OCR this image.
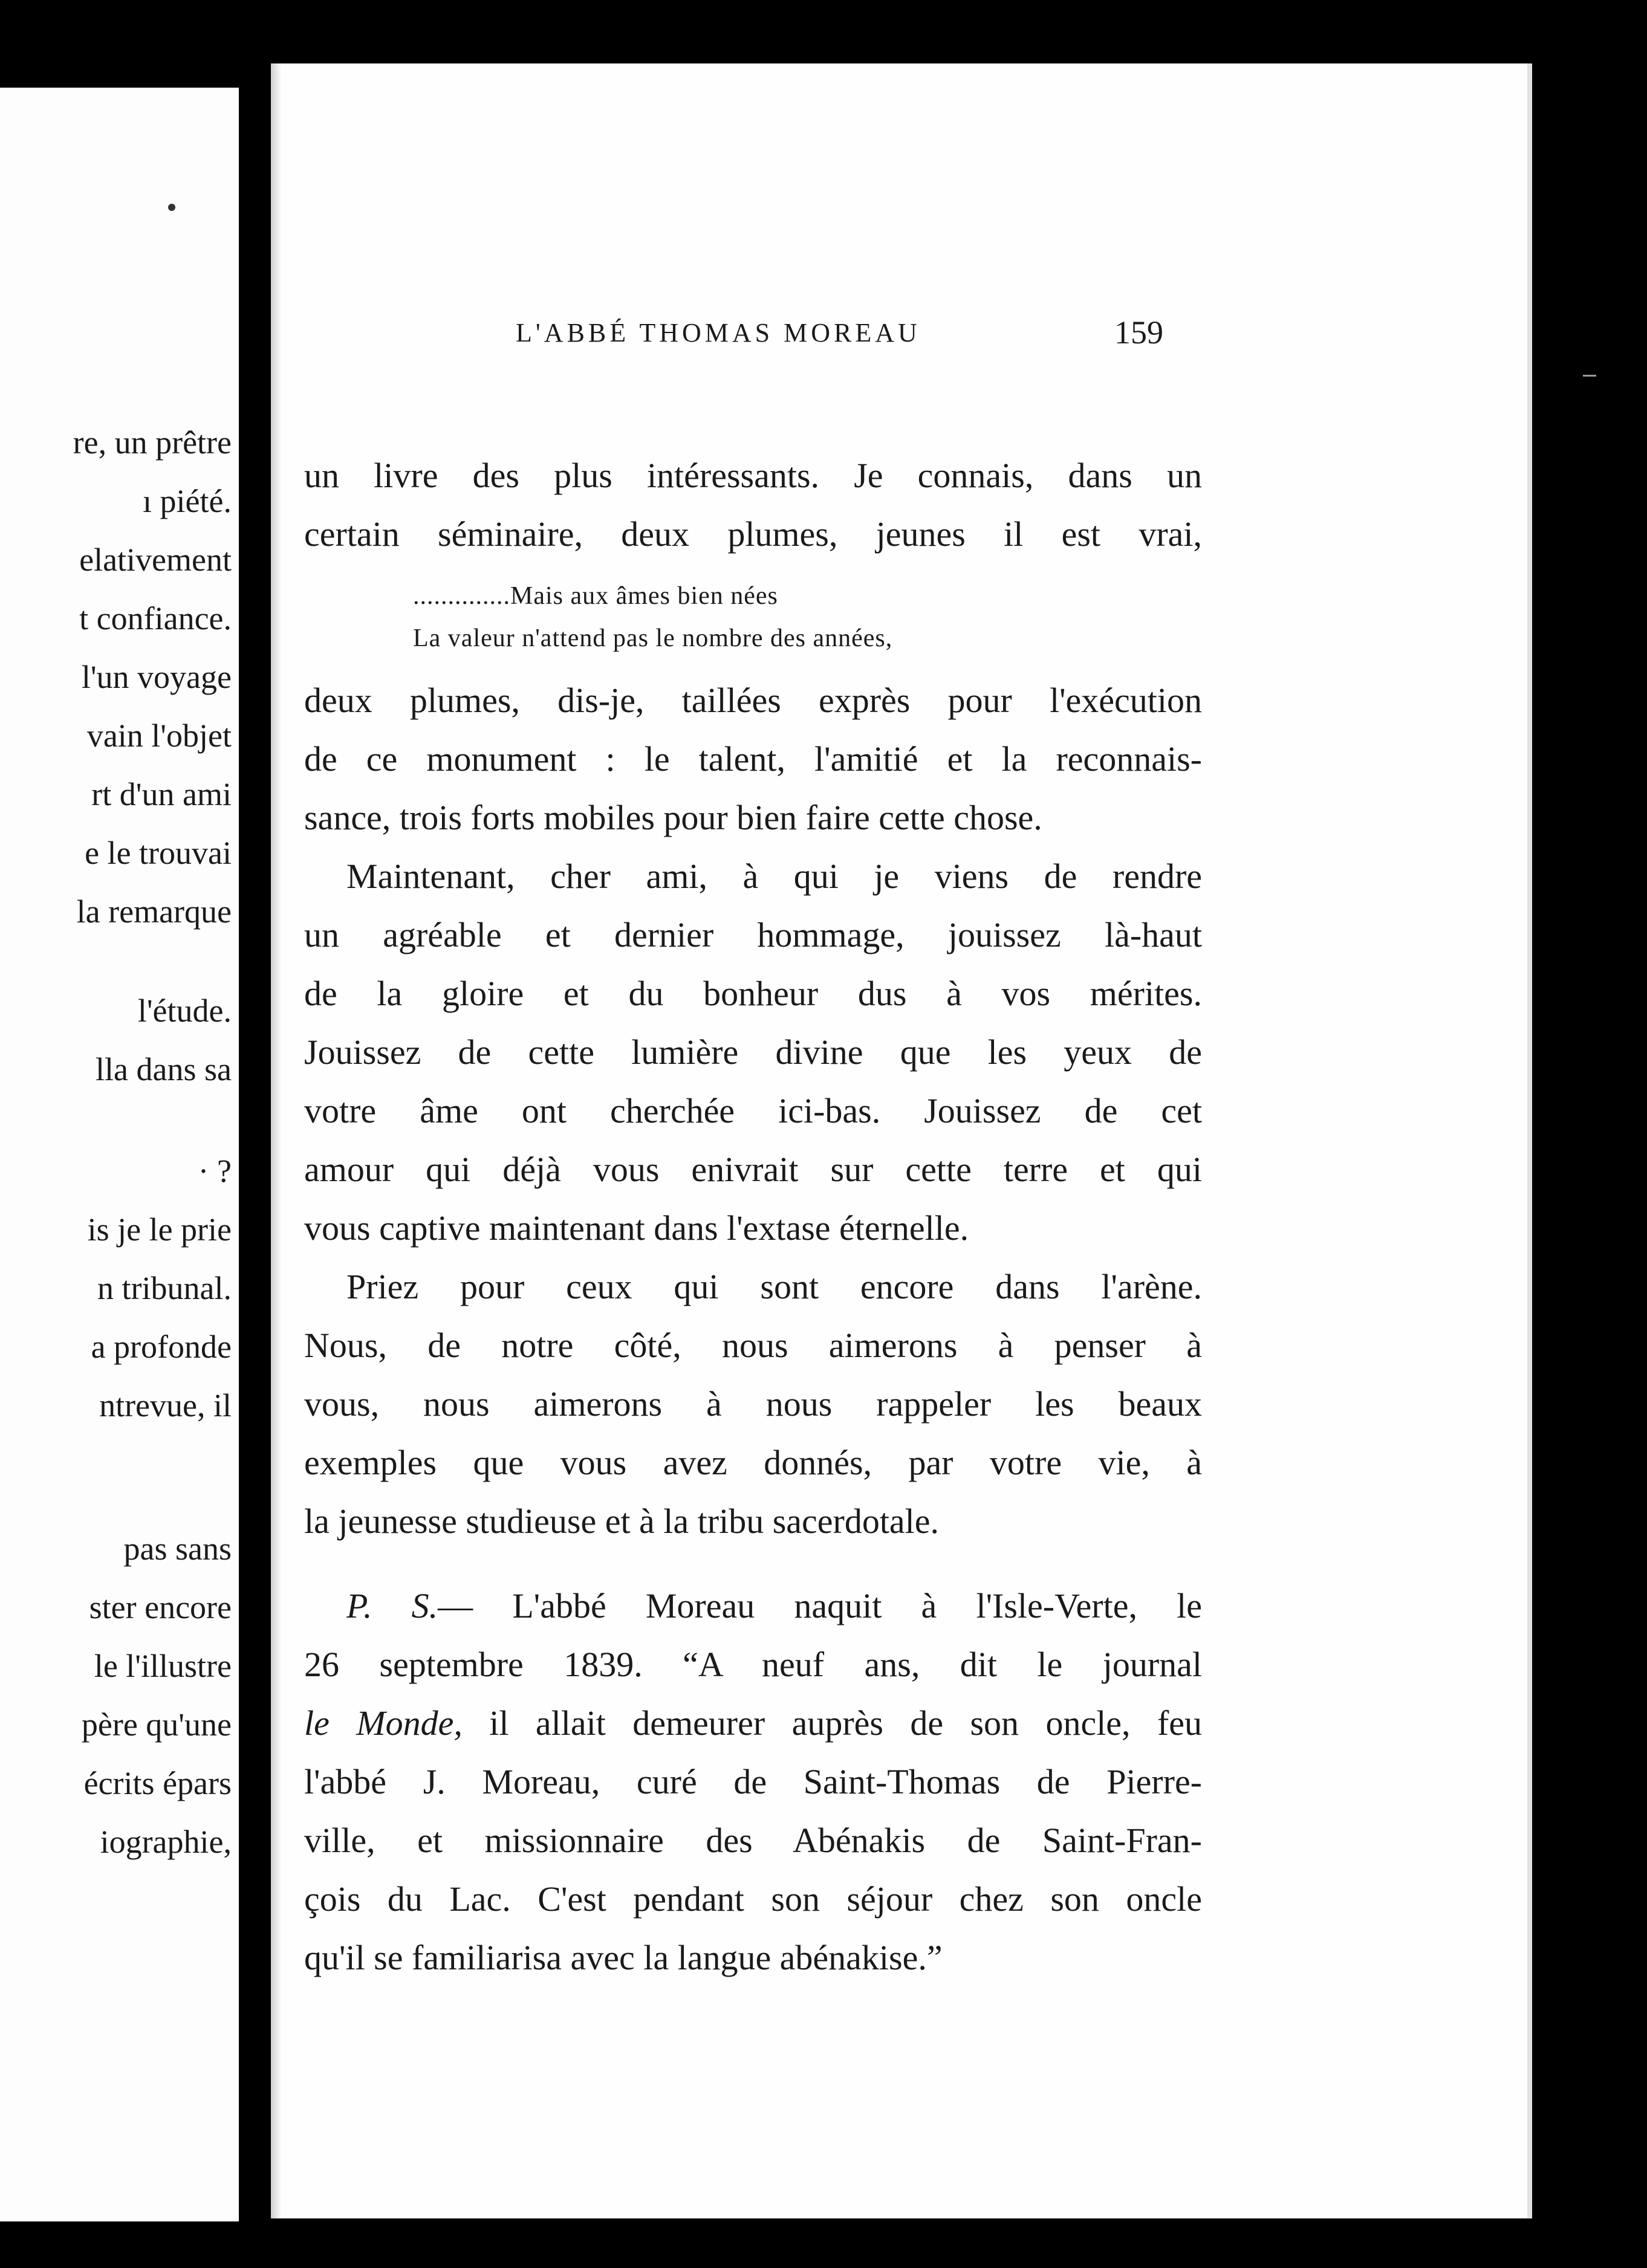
re, un prêtre
ı piété.
elativement
t confiance.
l'un voyage
vain l'objet
rt d'un ami
e le trouvai
la remarque
l'étude.
lla dans sa
· ?
is je le prie
n tribunal.
a profonde
ntrevue, il
pas sans
ster encore
le l'illustre
père qu'une
écrits épars
iographie,
L'ABBÉ THOMAS MOREAU	159
un livre des plus intéressants. Je connais, dans un
certain séminaire, deux plumes, jeunes il est vrai,
..............Mais aux âmes bien nées
La valeur n'attend pas le nombre des années,
deux plumes, dis-je, taillées exprès pour l'exécution
de ce monument : le talent, l'amitié et la reconnais-
sance, trois forts mobiles pour bien faire cette chose.
Maintenant, cher ami, à qui je viens de rendre
un agréable et dernier hommage, jouissez là-haut
de la gloire et du bonheur dus à vos mérites.
Jouissez de cette lumière divine que les yeux de
votre âme ont cherchée ici-bas. Jouissez de cet
amour qui déjà vous enivrait sur cette terre et qui
vous captive maintenant dans l'extase éternelle.
Priez pour ceux qui sont encore dans l'arène.
Nous, de notre côté, nous aimerons à penser à
vous, nous aimerons à nous rappeler les beaux
exemples que vous avez donnés, par votre vie, à
la jeunesse studieuse et à la tribu sacerdotale.
P. S.— L'abbé Moreau naquit à l'Isle-Verte, le
26 septembre 1839. “A neuf ans, dit le journal
le Monde, il allait demeurer auprès de son oncle, feu
l'abbé J. Moreau, curé de Saint-Thomas de Pierre-
ville, et missionnaire des Abénakis de Saint-Fran-
çois du Lac. C'est pendant son séjour chez son oncle
qu'il se familiarisa avec la langue abénakise.”
